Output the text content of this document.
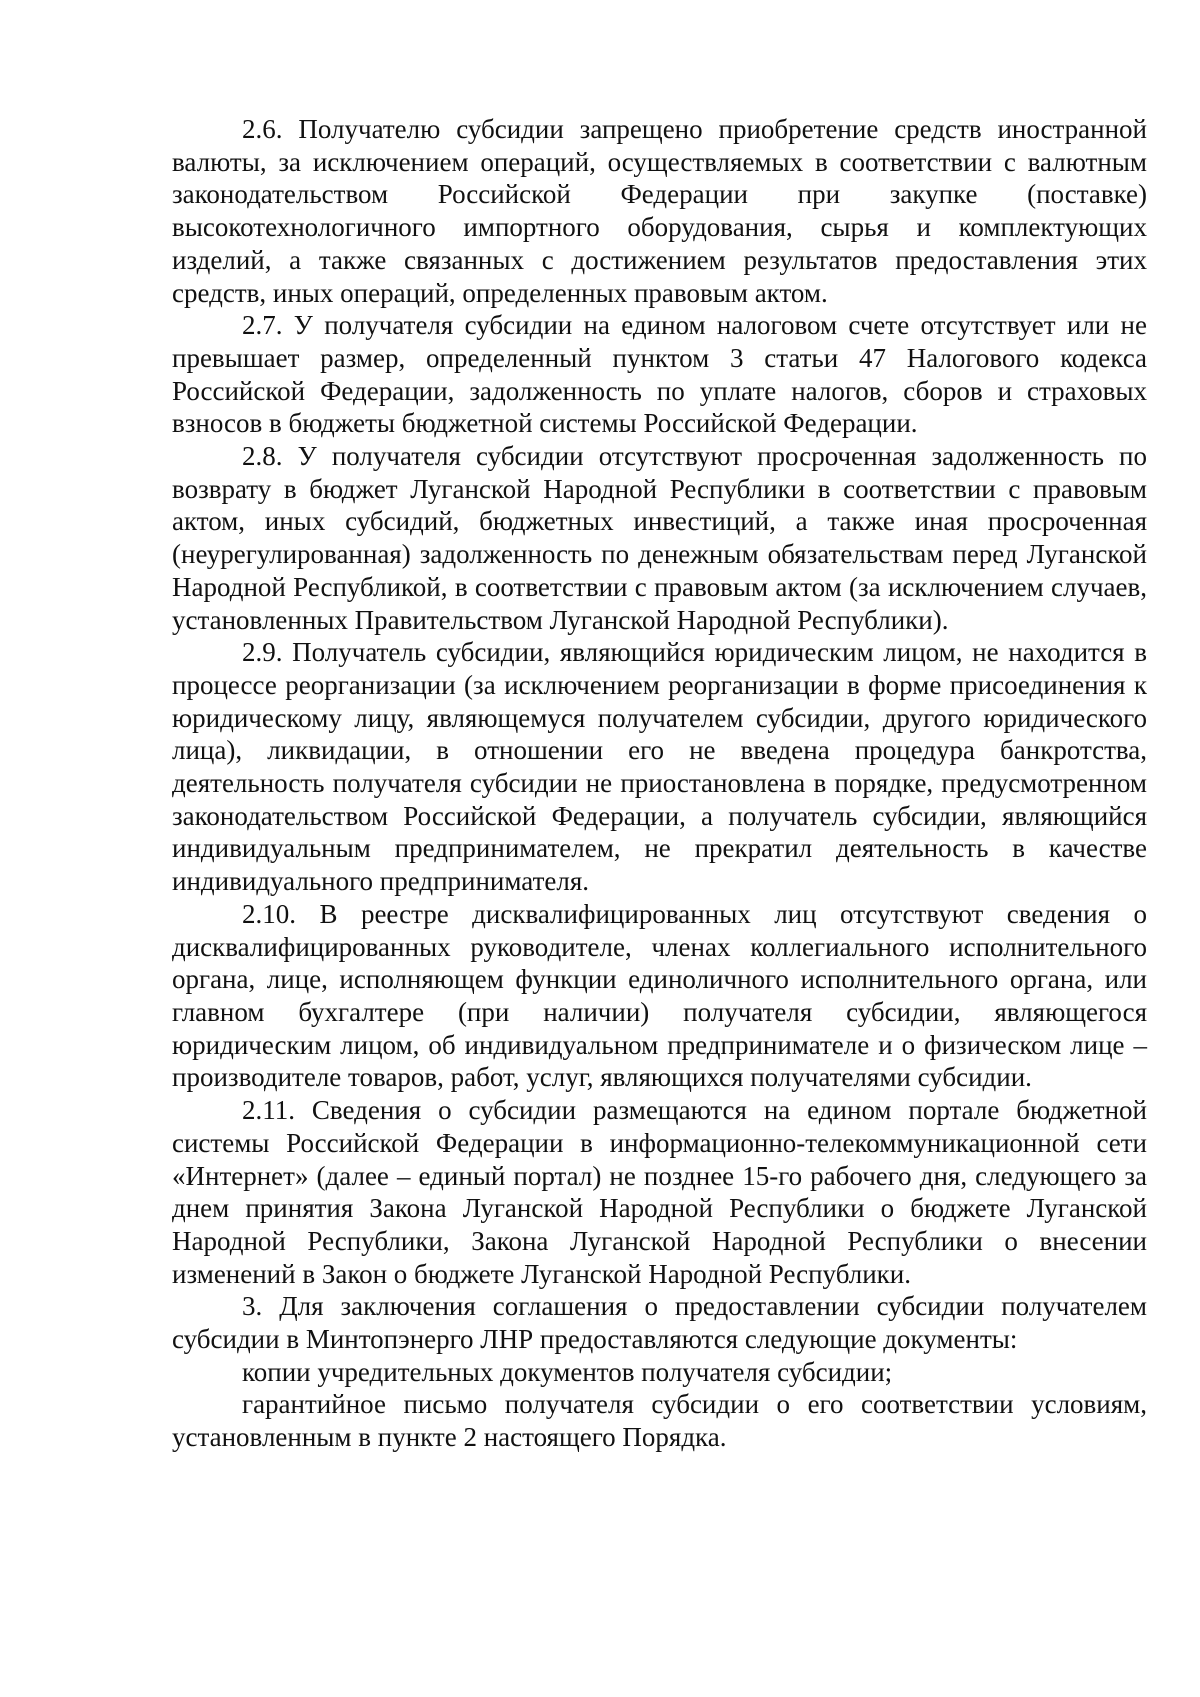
2.6. Получателю субсидии запрещено приобретение средств иностранной валюты, за исключением операций, осуществляемых в соответствии с валютным законодательством Российской Федерации при закупке (поставке) высокотехнологичного импортного оборудования, сырья и комплектующих изделий, а также связанных с достижением результатов предоставления этих средств, иных операций, определенных правовым актом.

2.7. У получателя субсидии на едином налоговом счете отсутствует или не превышает размер, определенный пунктом 3 статьи 47 Налогового кодекса Российской Федерации, задолженность по уплате налогов, сборов и страховых взносов в бюджеты бюджетной системы Российской Федерации.

2.8. У получателя субсидии отсутствуют просроченная задолженность по возврату в бюджет Луганской Народной Республики в соответствии с правовым актом, иных субсидий, бюджетных инвестиций, а также иная просроченная (неурегулированная) задолженность по денежным обязательствам перед Луганской Народной Республикой, в соответствии с правовым актом (за исключением случаев, установленных Правительством Луганской Народной Республики).

2.9. Получатель субсидии, являющийся юридическим лицом, не находится в процессе реорганизации (за исключением реорганизации в форме присоединения к юридическому лицу, являющемуся получателем субсидии, другого юридического лица), ликвидации, в отношении его не введена процедура банкротства, деятельность получателя субсидии не приостановлена в порядке, предусмотренном законодательством Российской Федерации, а получатель субсидии, являющийся индивидуальным предпринимателем, не прекратил деятельность в качестве индивидуального предпринимателя.

2.10. В реестре дисквалифицированных лиц отсутствуют сведения о дисквалифицированных руководителе, членах коллегиального исполнительного органа, лице, исполняющем функции единоличного исполнительного органа, или главном бухгалтере (при наличии) получателя субсидии, являющегося юридическим лицом, об индивидуальном предпринимателе и о физическом лице – производителе товаров, работ, услуг, являющихся получателями субсидии.

2.11. Сведения о субсидии размещаются на едином портале бюджетной системы Российской Федерации в информационно-телекоммуникационной сети «Интернет» (далее – единый портал) не позднее 15-го рабочего дня, следующего за днем принятия Закона Луганской Народной Республики о бюджете Луганской Народной Республики, Закона Луганской Народной Республики о внесении изменений в Закон о бюджете Луганской Народной Республики.

3. Для заключения соглашения о предоставлении субсидии получателем субсидии в Минтопэнерго ЛНР предоставляются следующие документы:

копии учредительных документов получателя субсидии;

гарантийное письмо получателя субсидии о его соответствии условиям, установленным в пункте 2 настоящего Порядка.
